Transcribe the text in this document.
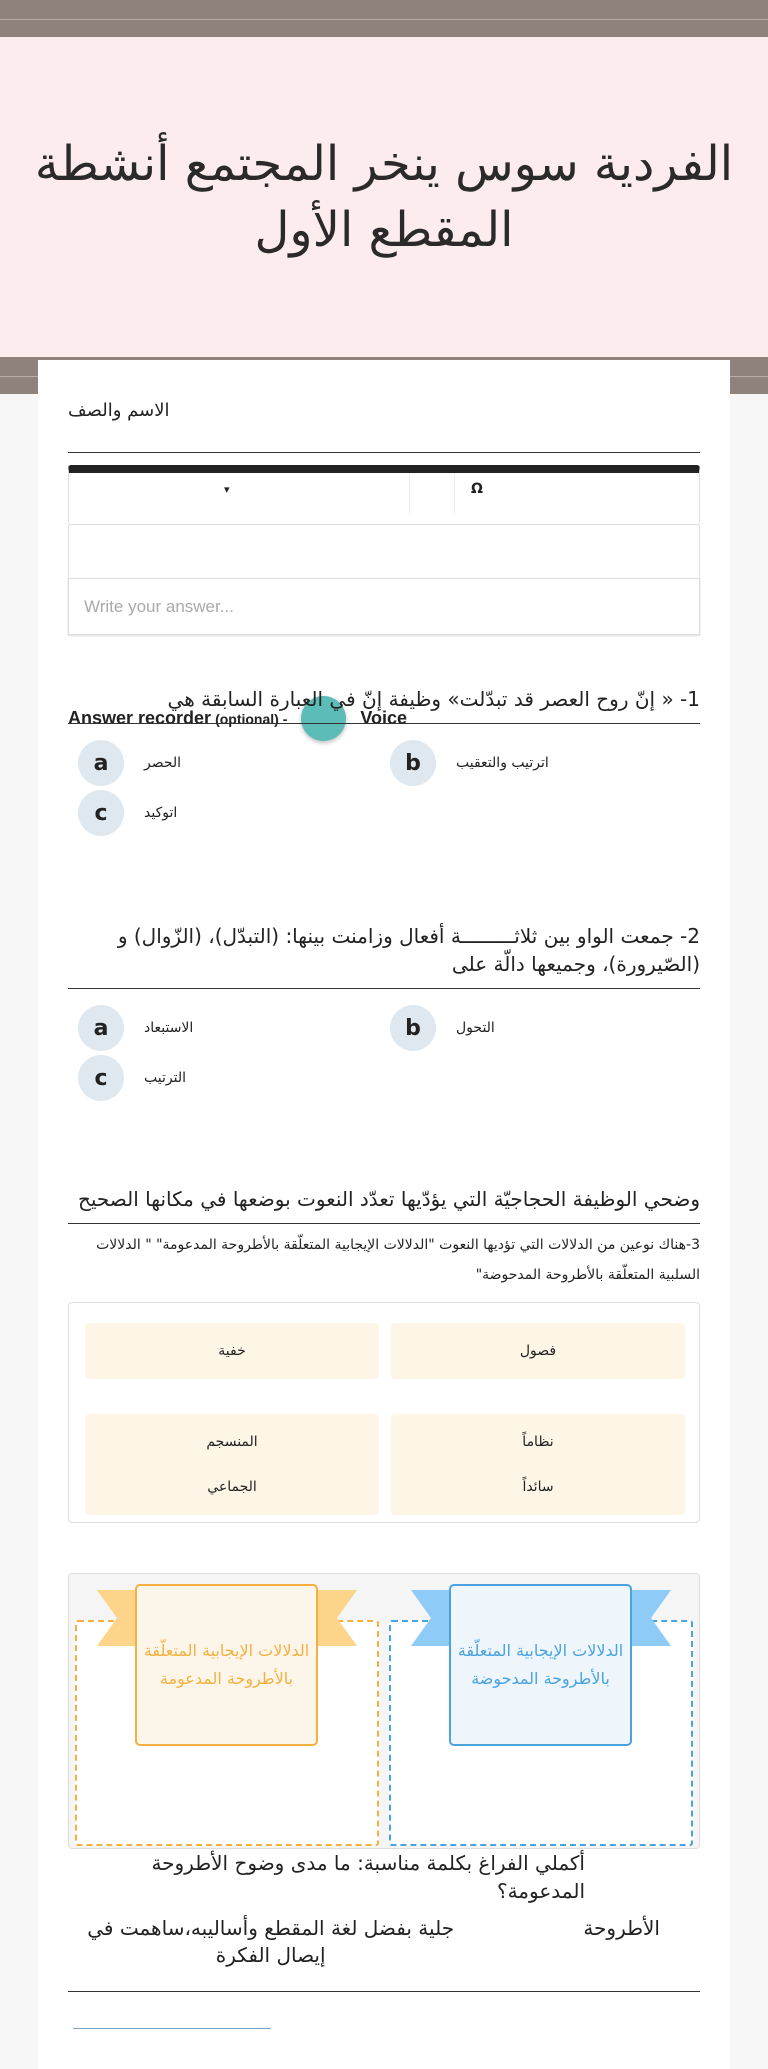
الفردية سوس ينخر المجتمع أنشطة المقطع الأول
الاسم والصف
▾	Ω
Write your answer...
Answer recorder (optional) -	Voice
1- « إنّ روح العصر قد تبدّلت» وظيفة إنّ في العبارة السابقة هي
a	الحصر	b	اترتيب والتعقيب
c	اتوكيد
2- جمعت الواو بين ثلاثـــــــــة أفعال وزامنت بينها: (التبدّل)، (الزّوال) و (الصّيرورة)، وجميعها دالّة على
a	الاستبعاد	b	التحول
c	الترتيب
وضحي الوظيفة الحجاجيّة التي يؤدّيها تعدّد النعوت بوضعها في مكانها الصحيح
3-هناك نوعين من الدلالات التي تؤديها النعوت "الدلالات الإيجابية المتعلّقة بالأطروحة المدعومة" " الدلالات السلبية المتعلّقة بالأطروحة المدحوضة"
فصول
خفية
نظاماً
المنسجم
سائداً
الجماعي
الدلالات الإيجابية المتعلّقة بالأطروحة المدحوضة
الدلالات الإيجابية المتعلّقة بالأطروحة المدعومة
أكملي الفراغ بكلمة مناسبة: ما مدى وضوح الأطروحة المدعومة؟
الأطروحة
جلية بفضل لغة المقطع وأساليبه،ساهمت في إيصال الفكرة
